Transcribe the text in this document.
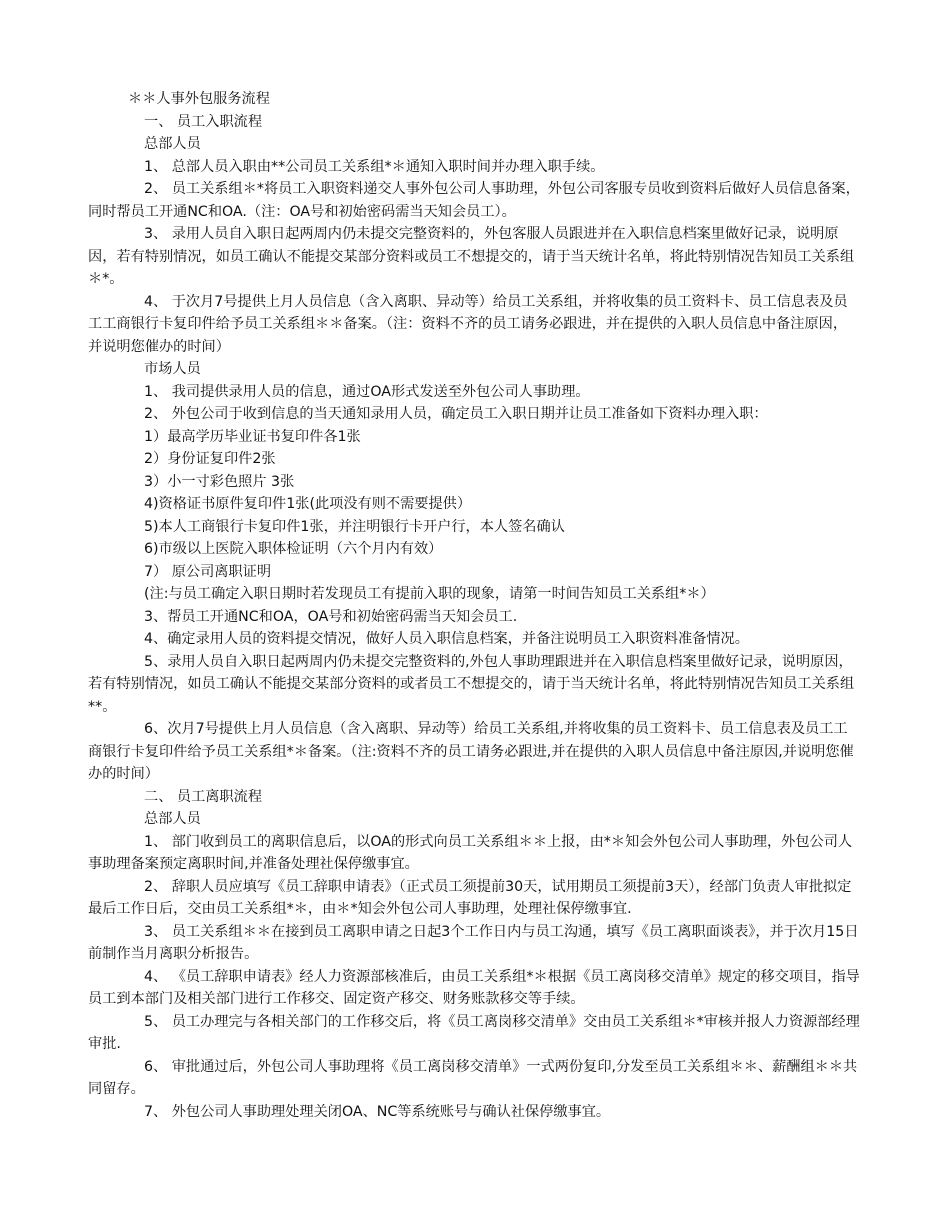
＊＊人事外包服务流程
一、 员工入职流程
总部人员
1、 总部人员入职由**公司员工关系组*＊通知入职时间并办理入职手续。
2、 员工关系组＊*将员工入职资料递交人事外包公司人事助理，外包公司客服专员收到资料后做好人员信息备案，同时帮员工开通NC和OA.（注：OA号和初始密码需当天知会员工）。
3、 录用人员自入职日起两周内仍未提交完整资料的，外包客服人员跟进并在入职信息档案里做好记录，说明原因，若有特别情况，如员工确认不能提交某部分资料或员工不想提交的，请于当天统计名单，将此特别情况告知员工关系组＊*。
4、 于次月7号提供上月人员信息（含入离职、异动等）给员工关系组，并将收集的员工资料卡、员工信息表及员工工商银行卡复印件给予员工关系组＊＊备案。（注：资料不齐的员工请务必跟进，并在提供的入职人员信息中备注原因，并说明您催办的时间）
市场人员
1、 我司提供录用人员的信息，通过OA形式发送至外包公司人事助理。
2、 外包公司于收到信息的当天通知录用人员，确定员工入职日期并让员工准备如下资料办理入职：
1）最高学历毕业证书复印件各1张
2）身份证复印件2张
3）小一寸彩色照片 3张
4)资格证书原件复印件1张(此项没有则不需要提供）
5)本人工商银行卡复印件1张，并注明银行卡开户行，本人签名确认
6)市级以上医院入职体检证明（六个月内有效）
7） 原公司离职证明
(注:与员工确定入职日期时若发现员工有提前入职的现象，请第一时间告知员工关系组*＊）
3、帮员工开通NC和OA，OA号和初始密码需当天知会员工.
4、确定录用人员的资料提交情况，做好人员入职信息档案，并备注说明员工入职资料准备情况。
5、录用人员自入职日起两周内仍未提交完整资料的,外包人事助理跟进并在入职信息档案里做好记录，说明原因，若有特别情况，如员工确认不能提交某部分资料的或者员工不想提交的，请于当天统计名单，将此特别情况告知员工关系组**。
6、次月7号提供上月人员信息（含入离职、异动等）给员工关系组,并将收集的员工资料卡、员工信息表及员工工商银行卡复印件给予员工关系组*＊备案。（注:资料不齐的员工请务必跟进,并在提供的入职人员信息中备注原因,并说明您催办的时间）
二、 员工离职流程
总部人员
1、 部门收到员工的离职信息后，以OA的形式向员工关系组＊＊上报，由*＊知会外包公司人事助理，外包公司人事助理备案预定离职时间,并准备处理社保停缴事宜。
2、 辞职人员应填写《员工辞职申请表》（正式员工须提前30天，试用期员工须提前3天），经部门负责人审批拟定最后工作日后，交由员工关系组*＊，由＊*知会外包公司人事助理，处理社保停缴事宜.
3、 员工关系组＊＊在接到员工离职申请之日起3个工作日内与员工沟通，填写《员工离职面谈表》，并于次月15日前制作当月离职分析报告。
4、 《员工辞职申请表》经人力资源部核准后，由员工关系组*＊根据《员工离岗移交清单》规定的移交项目，指导员工到本部门及相关部门进行工作移交、固定资产移交、财务账款移交等手续。
5、 员工办理完与各相关部门的工作移交后，将《员工离岗移交清单》交由员工关系组＊*审核并报人力资源部经理审批.
6、 审批通过后，外包公司人事助理将《员工离岗移交清单》一式两份复印,分发至员工关系组＊＊、薪酬组＊＊共同留存。
7、 外包公司人事助理处理关闭OA、NC等系统账号与确认社保停缴事宜。
